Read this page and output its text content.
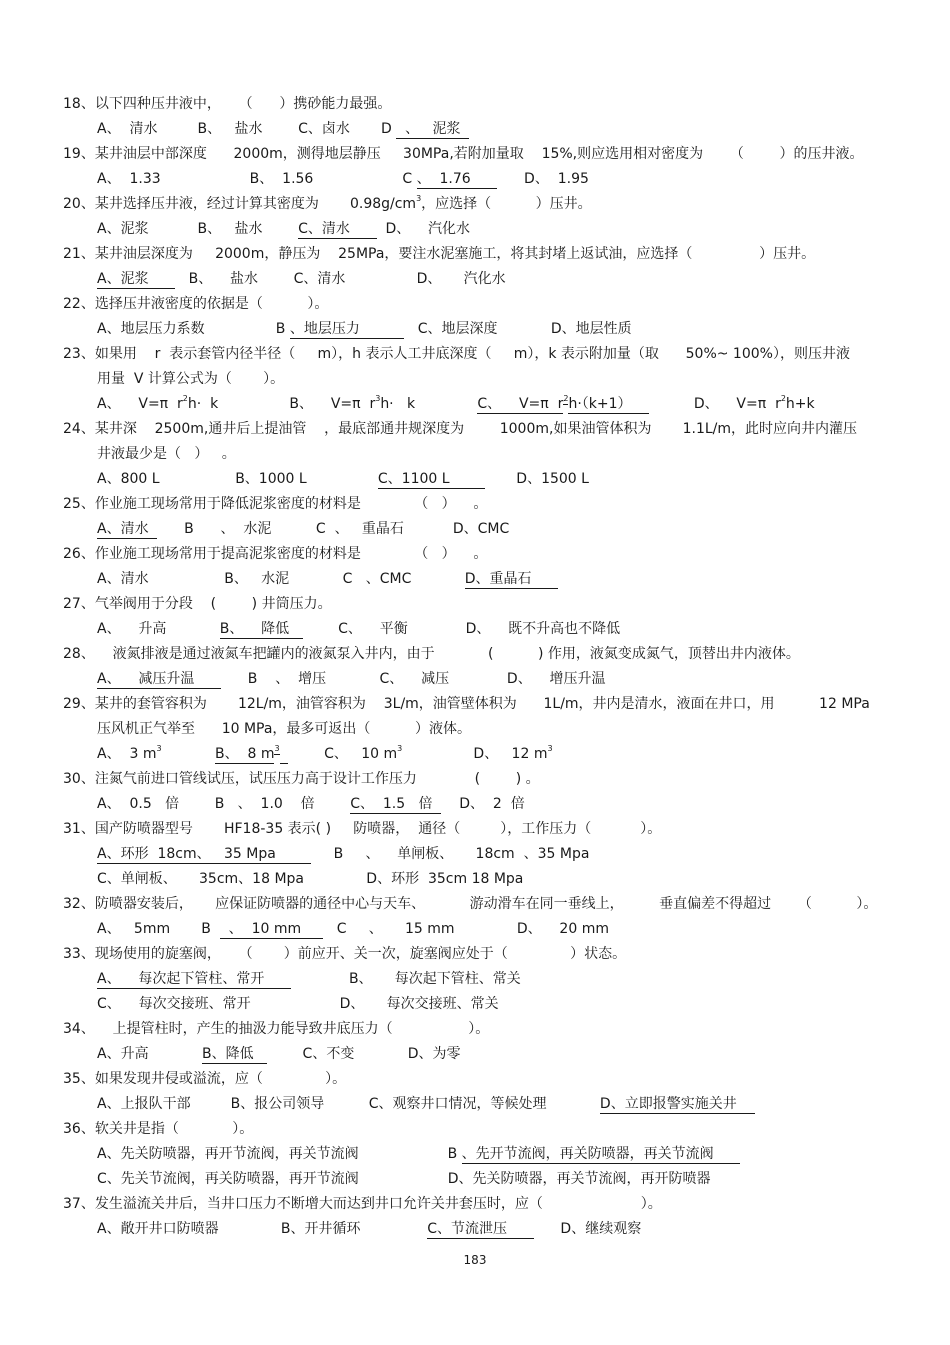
18、以下四种压井液中，    （      ）携砂能力最强。
A、  清水         B、   盐水        C、卤水       D   、   泥浆
19、某井油层中部深度      2000m，测得地层静压     30MPa,若附加量取    15%,则应选用相对密度为      （        ）的压井液。
A、  1.33                    B、  1.56                    C 、  1.76            D、  1.95
20、某井选择压井液，经过计算其密度为       $0.98g/cm^3$，应选择（          ）压井。
A、泥浆           B、   盐水        C、清水        D、    汽化水
21、某井油层深度为     2000m，静压为    25MPa，要注水泥塞施工，将其封堵上返试油，应选择（               ）压井。
A、泥浆         B、    盐水        C、清水                D、     汽化水
22、选择压井液密度的依据是（          ）。
A、地层压力系数                B 、地层压力             C、地层深度            D、地层性质
23、如果用    r  表示套管内径半径（     m），h 表示人工井底深度（     m），k 表示附加量（取      50%~ 100%），则压井液
用量  V 计算公式为（       ）。
A、    V=π  $r^2h\cdot k$                B、    V=π  $r^3h\cdot k$              C、    V=π  $r^2h\cdot(k+1)$              D、    V=π  $r^2h+k$
24、某井深    2500m,通井后上提油管    ，最底部通井规深度为        1000m,如果油管体积为       1.1L/m，此时应向井内灌压
井液最少是（   ）   。
A、800 L                 B、1000 L                C、1100 L               D、1500 L
25、作业施工现场常用于降低泥浆密度的材料是            （   ）    。
A、清水        B      、  水泥          C  、   重晶石           D、CMC
26、作业施工现场常用于提高泥浆密度的材料是            （   ）    。
A、清水                 B、   水泥            C   、CMC            D、重晶石
27、气举阀用于分段    (        ) 井筒压力。
A、    升高            B、    降低           C、    平衡             D、    既不升高也不降低
28、    液氮排液是通过液氮车把罐内的液氮泵入井内，由于            (          ) 作用，液氮变成氮气，顶替出井内液体。
A、    减压升温            B    、  增压            C、    减压             D、    增压升温
29、某井的套管容积为       12L/m，油管容积为    3L/m，油管壁体积为      1L/m，井内是清水，液面在井口，用          12 MPa
压风机正气举至      10 MPa，最多可返出（          ）液体。
A、  3 $m^3$	B、  8 $m^3$          C、   10 $m^3$                D、   12 $m^3$
30、注氮气前进口管线试压，试压压力高于设计工作压力             (        ) 。
A、  0.5   倍        B   、  1.0    倍        C、  1.5   倍      D、  2  倍
31、国产防喷器型号       HF18-35 表示( )     防喷器，  通径（         ），工作压力（           ）。
A、环形  18cm、   35 Mpa             B     、    单闸板、     18cm  、35 Mpa
C、单闸板、     35cm、18 Mpa              D、环形  35cm 18 Mpa
32、防喷器安装后，     应保证防喷器的通径中心与天车、          游动滑车在同一垂线上，        垂直偏差不得超过      （          ）。
A、   5mm       B    、  10 mm        C     、     15 mm              D、    20 mm
33、现场使用的旋塞阀，    （       ）前应开、关一次，旋塞阀应处于（              ）状态。
A、    每次起下管柱、常开                   B、     每次起下管柱、常关
C、    每次交接班、常开                    D、     每次交接班、常关
34、    上提管柱时，产生的抽汲力能导致井底压力（                 ）。
A、升高            B、降低           C、不变            D、为零
35、如果发现井侵或溢流，应（              ）。
A、上报队干部         B、报公司领导          C、观察井口情况，等候处理            D、立即报警实施关井
36、软关井是指（            ）。
A、先关防喷器，再开节流阀，再关节流阀                    B 、先开节流阀，再关防喷器，再关节流阀
C、先关节流阀，再关防喷器，再开节流阀                    D、先关防喷器，再关节流阀，再开防喷器
37、发生溢流关井后，当井口压力不断增大而达到井口允许关井套压时，应（                      ）。
A、敞开井口防喷器              B、开井循环               C、节流泄压            D、继续观察
183
